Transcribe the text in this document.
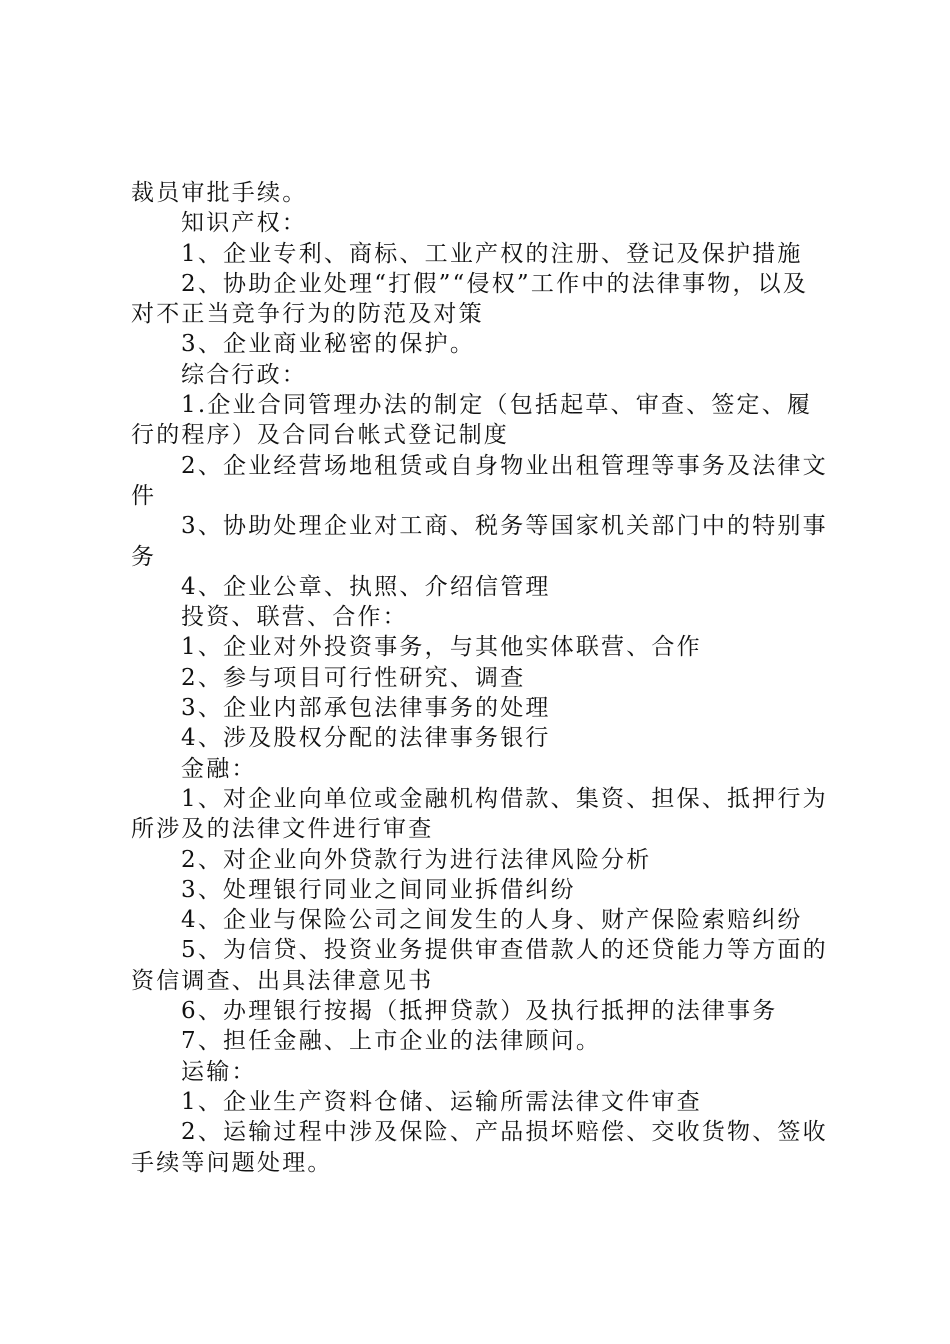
裁员审批手续。

知识产权：

1、企业专利、商标、工业产权的注册、登记及保护措施

2、协助企业处理“打假”“侵权”工作中的法律事物，以及对不正当竞争行为的防范及对策

3、企业商业秘密的保护。

综合行政：

1.企业合同管理办法的制定（包括起草、审查、签定、履行的程序）及合同台帐式登记制度

2、企业经营场地租赁或自身物业出租管理等事务及法律文件

3、协助处理企业对工商、税务等国家机关部门中的特别事务

4、企业公章、执照、介绍信管理

投资、联营、合作：

1、企业对外投资事务，与其他实体联营、合作

2、参与项目可行性研究、调查

3、企业内部承包法律事务的处理

4、涉及股权分配的法律事务银行

金融：

1、对企业向单位或金融机构借款、集资、担保、抵押行为所涉及的法律文件进行审查

2、对企业向外贷款行为进行法律风险分析

3、处理银行同业之间同业拆借纠纷

4、企业与保险公司之间发生的人身、财产保险索赔纠纷

5、为信贷、投资业务提供审查借款人的还贷能力等方面的资信调查、出具法律意见书

6、办理银行按揭（抵押贷款）及执行抵押的法律事务

7、担任金融、上市企业的法律顾问。

运输：

1、企业生产资料仓储、运输所需法律文件审查

2、运输过程中涉及保险、产品损坏赔偿、交收货物、签收手续等问题处理。
